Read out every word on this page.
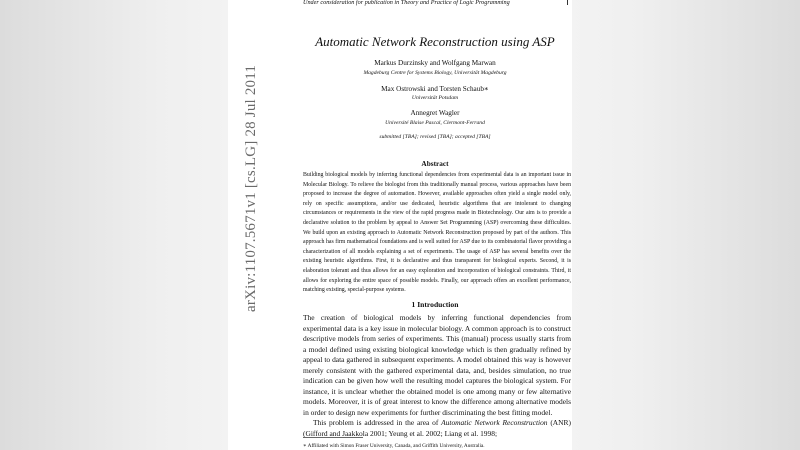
arXiv:1107.5671v1 [cs.LG] 28 Jul 2011
Under consideration for publication in Theory and Practice of Logic Programming
Automatic Network Reconstruction using ASP
Markus Durzinsky and Wolfgang Marwan
Magdeburg Centre for Systems Biology, Universität Magdeburg
Max Ostrowski and Torsten Schaub∗
Universität Potsdam
Annegret Wagler
Université Blaise Pascal, Clermont-Ferrand
submitted [TBA]; revised [TBA]; accepted [TBA]
Abstract
Building biological models by inferring functional dependencies from experimental data is an important issue in Molecular Biology. To relieve the biologist from this traditionally manual process, various approaches have been proposed to increase the degree of automation. However, available approaches often yield a single model only, rely on specific assumptions, and/or use dedicated, heuristic algorithms that are intolerant to changing circumstances or requirements in the view of the rapid progress made in Biotechnology. Our aim is to provide a declarative solution to the problem by appeal to Answer Set Programming (ASP) overcoming these difficulties. We build upon an existing approach to Automatic Network Reconstruction proposed by part of the authors. This approach has firm mathematical foundations and is well suited for ASP due to its combinatorial flavor providing a characterization of all models explaining a set of experiments. The usage of ASP has several benefits over the existing heuristic algorithms. First, it is declarative and thus transparent for biological experts. Second, it is elaboration tolerant and thus allows for an easy exploration and incorporation of biological constraints. Third, it allows for exploring the entire space of possible models. Finally, our approach offers an excellent performance, matching existing, special-purpose systems.
1 Introduction
The creation of biological models by inferring functional dependencies from experimental data is a key issue in molecular biology. A common approach is to construct descriptive models from series of experiments. This (manual) process usually starts from a model defined using existing biological knowledge which is then gradually refined by appeal to data gathered in subsequent experiments. A model obtained this way is however merely consistent with the gathered experimental data, and, besides simulation, no true indication can be given how well the resulting model captures the biological system. For instance, it is unclear whether the obtained model is one among many or few alternative models. Moreover, it is of great interest to know the difference among alternative models in order to design new experiments for further discriminating the best fitting model.
This problem is addressed in the area of Automatic Network Reconstruction (ANR) (Gifford and Jaakkola 2001; Yeung et al. 2002; Liang et al. 1998;
∗ Affiliated with Simon Fraser University, Canada, and Griffith University, Australia.
